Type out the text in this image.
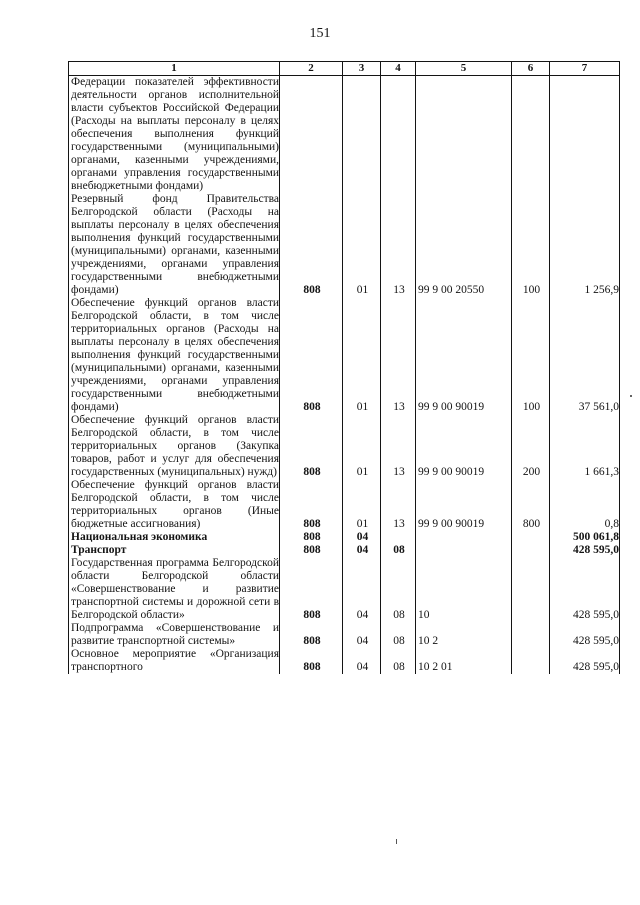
151
1	2	3	4	5	6	7
Федерации показателей эффективности деятельности органов исполнительной власти субъектов Российской Федерации (Расходы на выплаты персоналу в целях обеспечения выполнения функций государственными (муниципальными) органами, казенными учреждениями, органами управления государственными внебюджетными фондами)						
Резервный фонд Правительства Белгородской области (Расходы на выплаты персоналу в целях обеспечения выполнения функций государственными (муниципальными) органами, казенными учреждениями, органами управления государственными внебюджетными фондами)	808	01	13	99 9 00 20550	100	1 256,9
Обеспечение функций органов власти Белгородской области, в том числе территориальных органов (Расходы на выплаты персоналу в целях обеспечения выполнения функций государственными (муниципальными) органами, казенными учреждениями, органами управления государственными внебюджетными фондами)	808	01	13	99 9 00 90019	100	37 561,0
Обеспечение функций органов власти Белгородской области, в том числе территориальных органов (Закупка товаров, работ и услуг для обеспечения государственных (муниципальных) нужд)	808	01	13	99 9 00 90019	200	1 661,3
Обеспечение функций органов власти Белгородской области, в том числе территориальных органов (Иные бюджетные ассигнования)	808	01	13	99 9 00 90019	800	0,8
Национальная экономика	808	04				500 061,8
Транспорт	808	04	08			428 595,0
Государственная программа Белгородской области Белгородской области «Совершенствование и развитие транспортной системы и дорожной сети в Белгородской области»	808	04	08	10		428 595,0
Подпрограмма «Совершенствование и развитие транспортной системы»	808	04	08	10 2		428 595,0
Основное мероприятие «Организация транспортного	808	04	08	10 2 01		428 595,0
